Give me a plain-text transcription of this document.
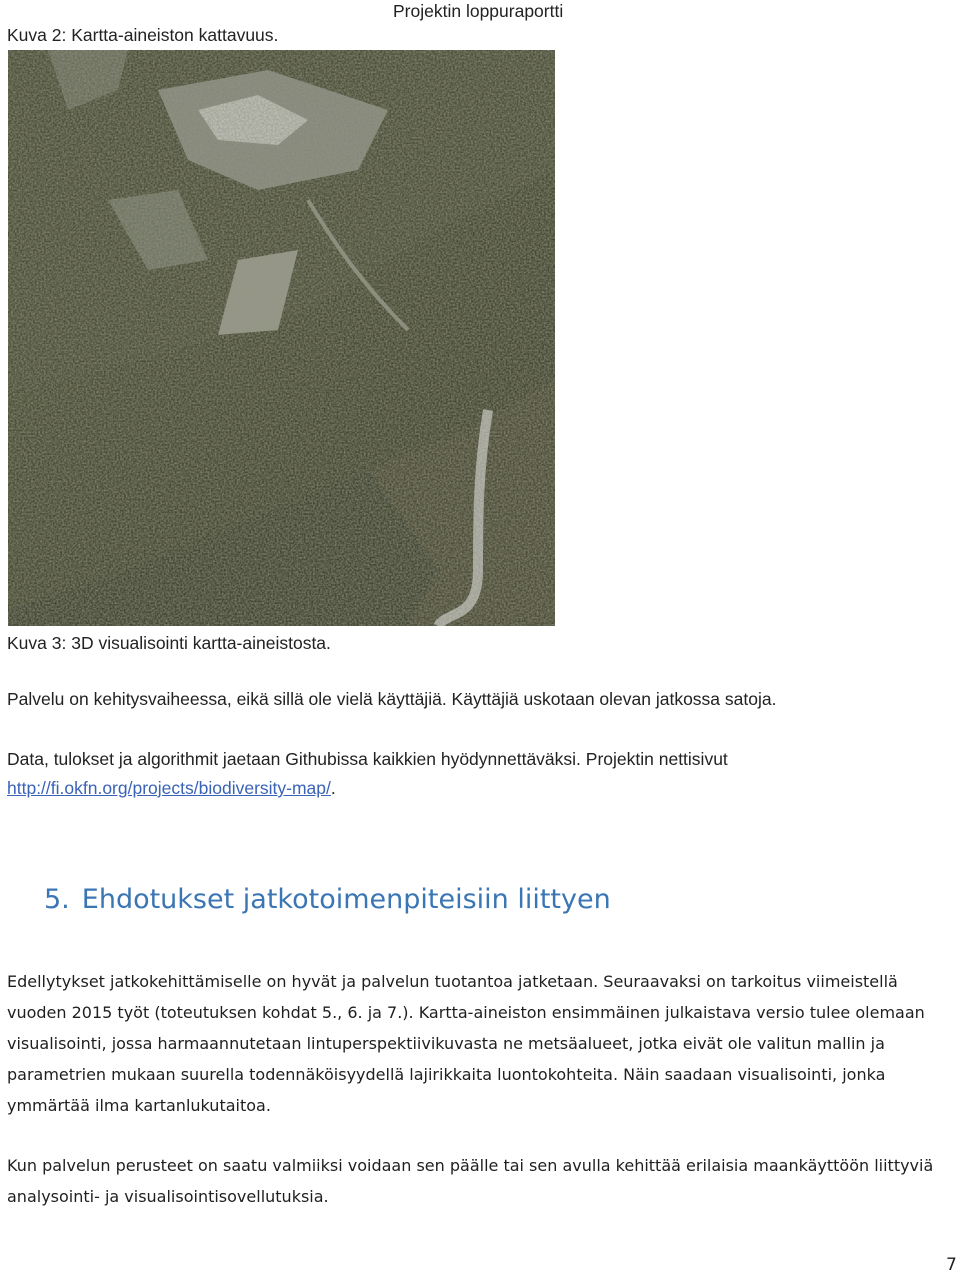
Projektin loppuraportti
Kuva 2: Kartta-aineiston kattavuus.
Kuva 3: 3D visualisointi kartta-aineistosta.
Palvelu on kehitysvaiheessa, eikä sillä ole vielä käyttäjiä. Käyttäjiä uskotaan olevan jatkossa satoja.
Data, tulokset ja algorithmit jaetaan Githubissa kaikkien hyödynnettäväksi. Projektin nettisivut
http://fi.okfn.org/projects/biodiversity-map/.
5. Ehdotukset jatkotoimenpiteisiin liittyen
Edellytykset jatkokehittämiselle on hyvät ja palvelun tuotantoa jatketaan. Seuraavaksi on tarkoitus viimeistellä vuoden 2015 työt (toteutuksen kohdat 5., 6. ja 7.). Kartta-aineiston ensimmäinen julkaistava versio tulee olemaan visualisointi, jossa harmaannutetaan lintuperspektiivikuvasta ne metsäalueet, jotka eivät ole valitun mallin ja parametrien mukaan suurella todennäköisyydellä lajirikkaita luontokohteita. Näin saadaan visualisointi, jonka ymmärtää ilma kartanlukutaitoa.
Kun palvelun perusteet on saatu valmiiksi voidaan sen päälle tai sen avulla kehittää erilaisia maankäyttöön liittyviä analysointi- ja visualisointisovellutuksia.
7
